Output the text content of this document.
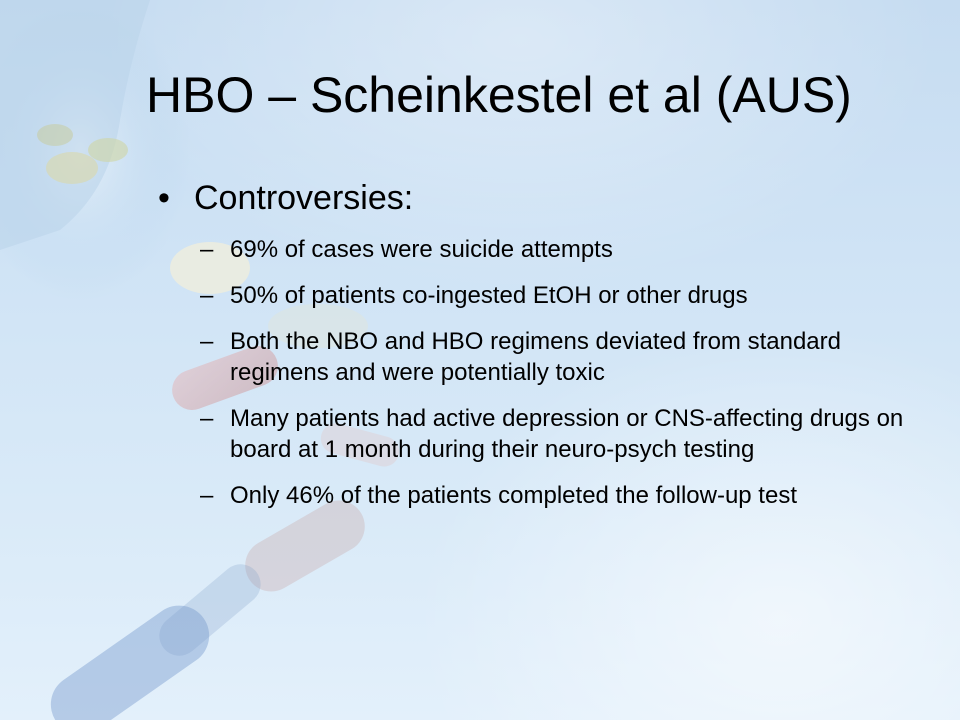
HBO – Scheinkestel et al (AUS)
• Controversies:
– 69% of cases were suicide attempts
– 50% of patients co-ingested EtOH or other drugs
– Both the NBO and HBO regimens deviated from standard regimens and were potentially toxic
– Many patients had active depression or CNS-affecting drugs on board at 1 month during their neuro-psych testing
– Only 46% of the patients completed the follow-up test
